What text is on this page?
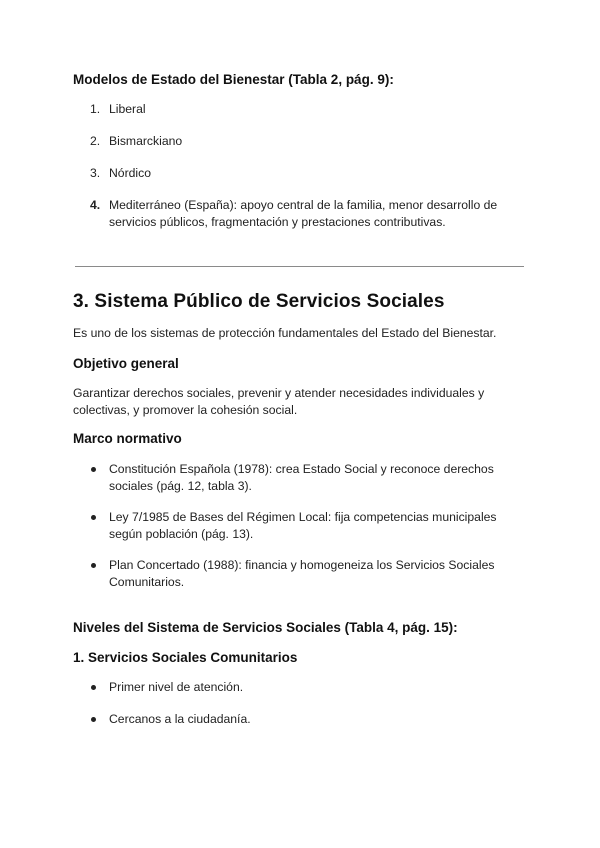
Modelos de Estado del Bienestar (Tabla 2, pág. 9):
1. Liberal
2. Bismarckiano
3. Nórdico
4. Mediterráneo (España): apoyo central de la familia, menor desarrollo de servicios públicos, fragmentación y prestaciones contributivas.
3. Sistema Público de Servicios Sociales
Es uno de los sistemas de protección fundamentales del Estado del Bienestar.
Objetivo general
Garantizar derechos sociales, prevenir y atender necesidades individuales y colectivas, y promover la cohesión social.
Marco normativo
Constitución Española (1978): crea Estado Social y reconoce derechos sociales (pág. 12, tabla 3).
Ley 7/1985 de Bases del Régimen Local: fija competencias municipales según población (pág. 13).
Plan Concertado (1988): financia y homogeneiza los Servicios Sociales Comunitarios.
Niveles del Sistema de Servicios Sociales (Tabla 4, pág. 15):
1. Servicios Sociales Comunitarios
Primer nivel de atención.
Cercanos a la ciudadanía.
